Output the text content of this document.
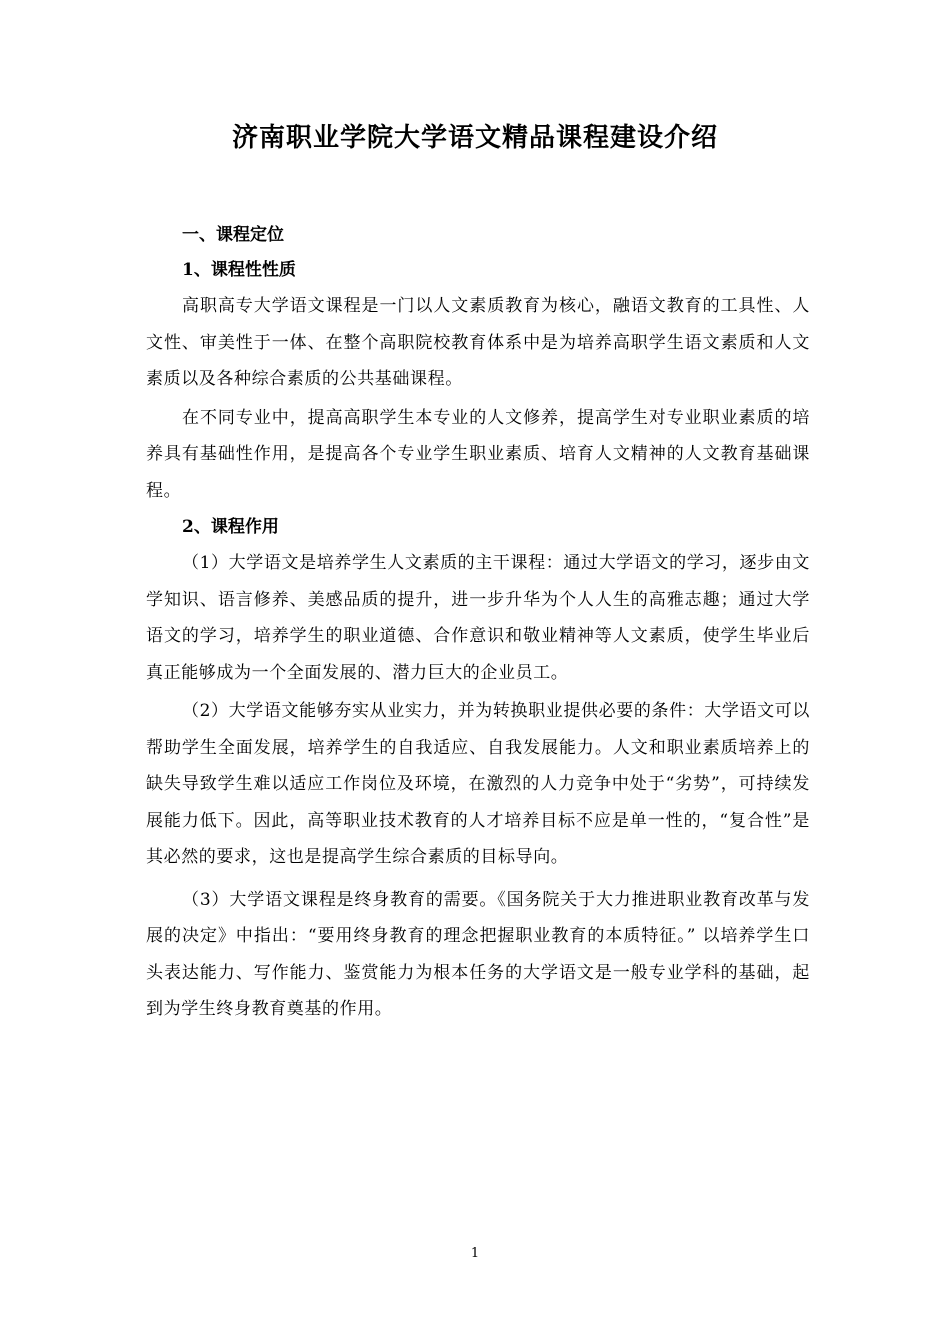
济南职业学院大学语文精品课程建设介绍
一、课程定位
1、课程性性质

高职高专大学语文课程是一门以人文素质教育为核心，融语文教育的工具性、人文性、审美性于一体、在整个高职院校教育体系中是为培养高职学生语文素质和人文素质以及各种综合素质的公共基础课程。

在不同专业中，提高高职学生本专业的人文修养，提高学生对专业职业素质的培养具有基础性作用，是提高各个专业学生职业素质、培育人文精神的人文教育基础课程。

2、课程作用

（1）大学语文是培养学生人文素质的主干课程：通过大学语文的学习，逐步由文学知识、语言修养、美感品质的提升，进一步升华为个人人生的高雅志趣；通过大学语文的学习，培养学生的职业道德、合作意识和敬业精神等人文素质，使学生毕业后真正能够成为一个全面发展的、潜力巨大的企业员工。

（2）大学语文能够夯实从业实力，并为转换职业提供必要的条件：大学语文可以帮助学生全面发展，培养学生的自我适应、自我发展能力。人文和职业素质培养上的缺失导致学生难以适应工作岗位及环境，在激烈的人力竞争中处于“劣势”，可持续发展能力低下。因此，高等职业技术教育的人才培养目标不应是单一性的，“复合性”是其必然的要求，这也是提高学生综合素质的目标导向。

（3）大学语文课程是终身教育的需要。《国务院关于大力推进职业教育改革与发展的决定》中指出：“要用终身教育的理念把握职业教育的本质特征。” 以培养学生口头表达能力、写作能力、鉴赏能力为根本任务的大学语文是一般专业学科的基础，起到为学生终身教育奠基的作用。

1
